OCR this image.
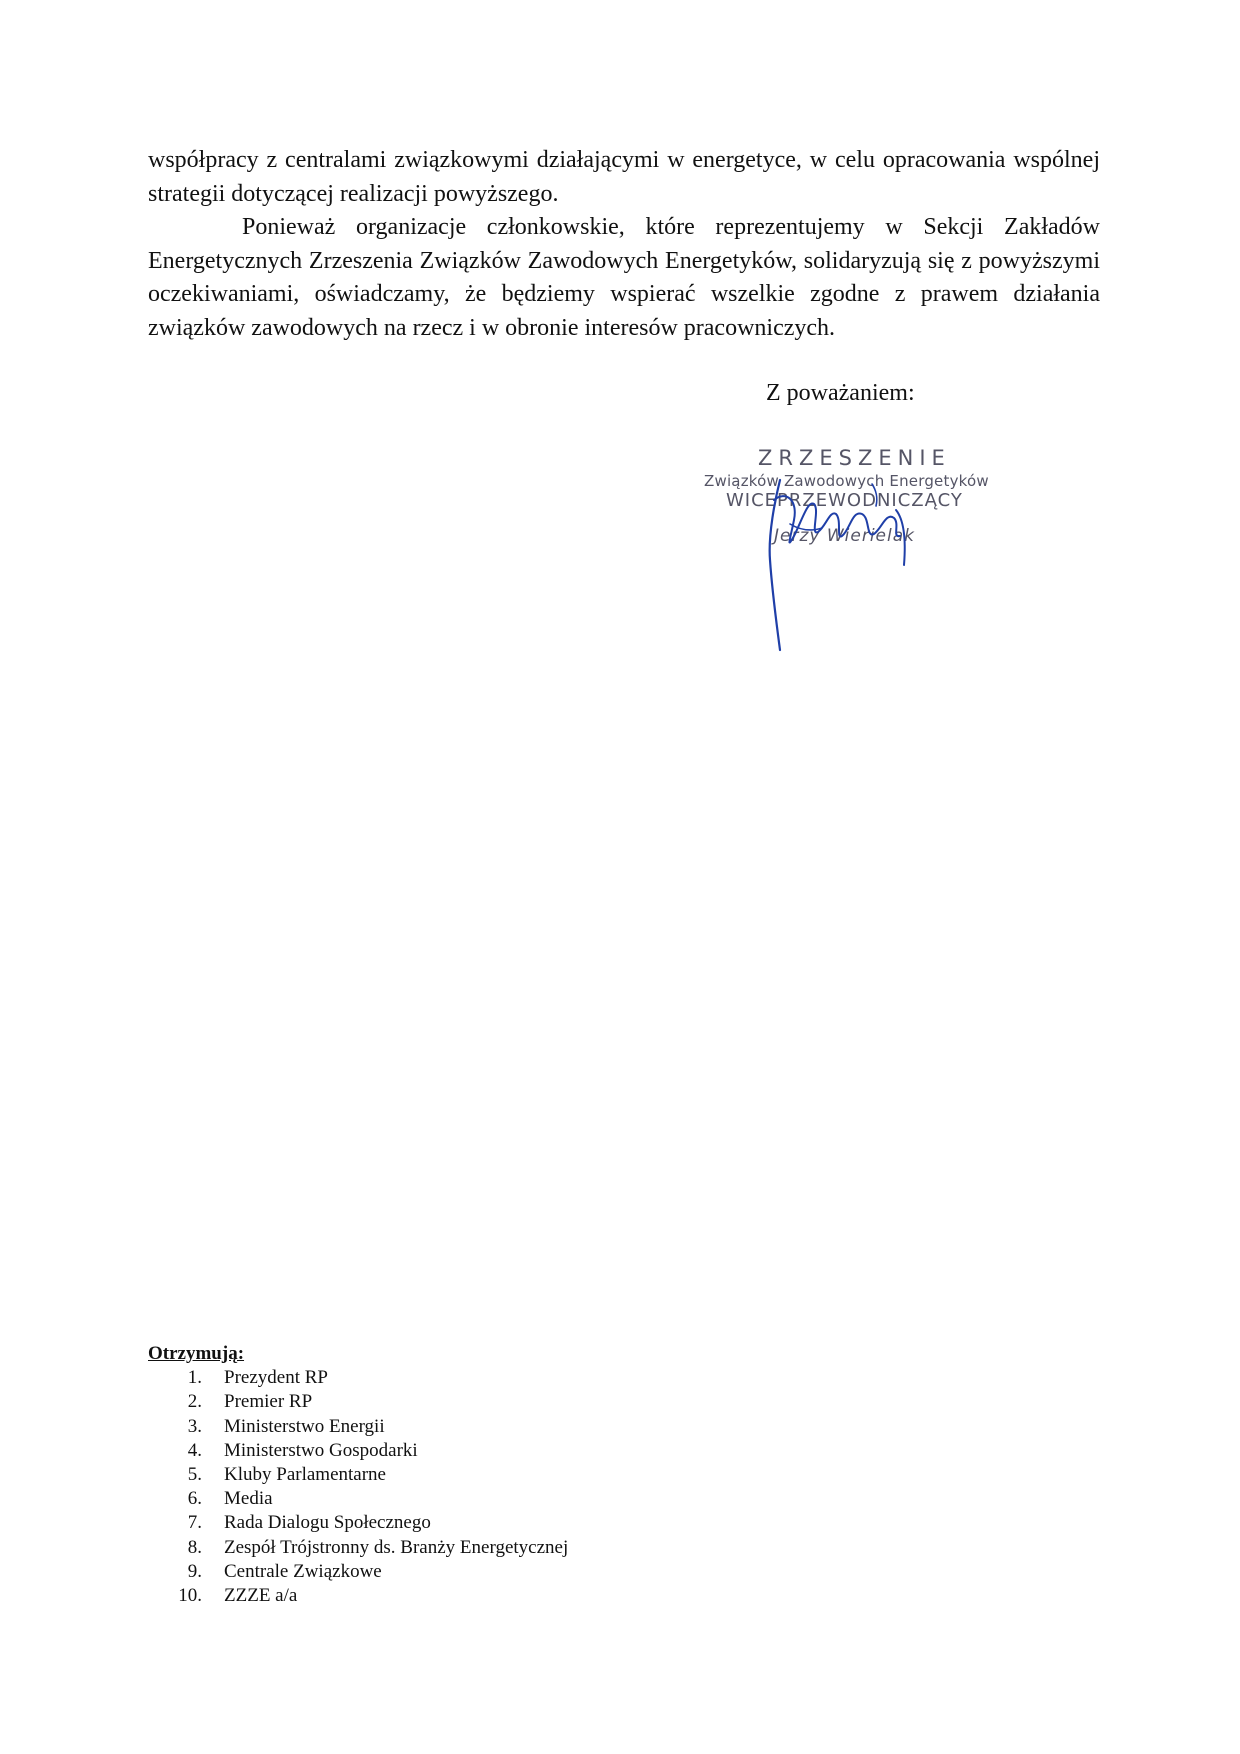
współpracy z centralami związkowymi działającymi w energetyce, w celu opracowania wspólnej strategii dotyczącej realizacji powyższego.

Ponieważ organizacje członkowskie, które reprezentujemy w Sekcji Zakładów Energetycznych Zrzeszenia Związków Zawodowych Energetyków, solidaryzują się z powyższymi oczekiwaniami, oświadczamy, że będziemy wspierać wszelkie zgodne z prawem działania związków zawodowych na rzecz i w obronie interesów pracowniczych.

Z poważaniem:
ZRZESZENIE
Związków Zawodowych Energetyków
WICEPRZEWODNICZĄCY
Jerzy Wierielak
Otrzymują:
1. Prezydent RP
2. Premier RP
3. Ministerstwo Energii
4. Ministerstwo Gospodarki
5. Kluby Parlamentarne
6. Media
7. Rada Dialogu Społecznego
8. Zespół Trójstronny ds. Branży Energetycznej
9. Centrale Związkowe
10. ZZZE a/a
